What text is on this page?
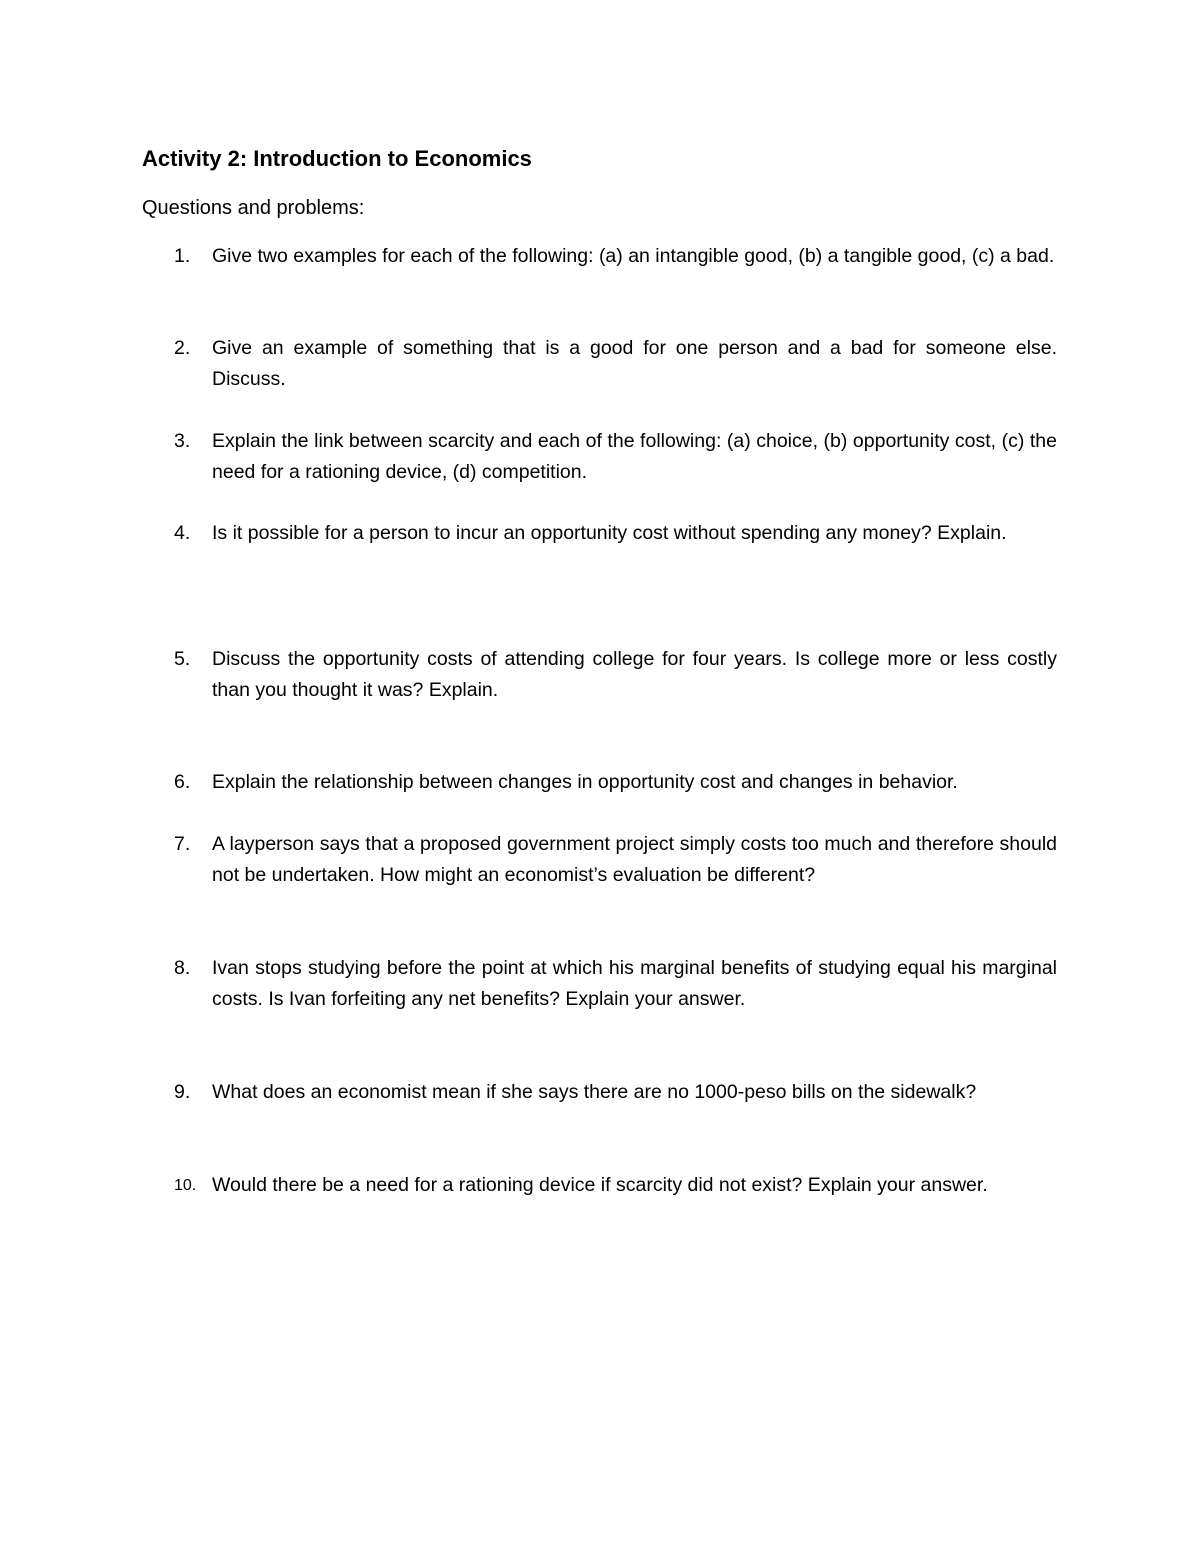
Activity 2: Introduction to Economics
Questions and problems:
1.	Give two examples for each of the following: (a) an intangible good, (b) a tangible good, (c) a bad.
2.	Give an example of something that is a good for one person and a bad for someone else. Discuss.
3.	Explain the link between scarcity and each of the following: (a) choice, (b) opportunity cost, (c) the need for a rationing device, (d) competition.
4.	Is it possible for a person to incur an opportunity cost without spending any money? Explain.
5.	Discuss the opportunity costs of attending college for four years. Is college more or less costly than you thought it was? Explain.
6.	Explain the relationship between changes in opportunity cost and changes in behavior.
7.	A layperson says that a proposed government project simply costs too much and therefore should not be undertaken. How might an economist’s evaluation be different?
8.	Ivan stops studying before the point at which his marginal benefits of studying equal his marginal costs. Is Ivan forfeiting any net benefits? Explain your answer.
9.	What does an economist mean if she says there are no 1000-peso bills on the sidewalk?
10. Would there be a need for a rationing device if scarcity did not exist? Explain your answer.
